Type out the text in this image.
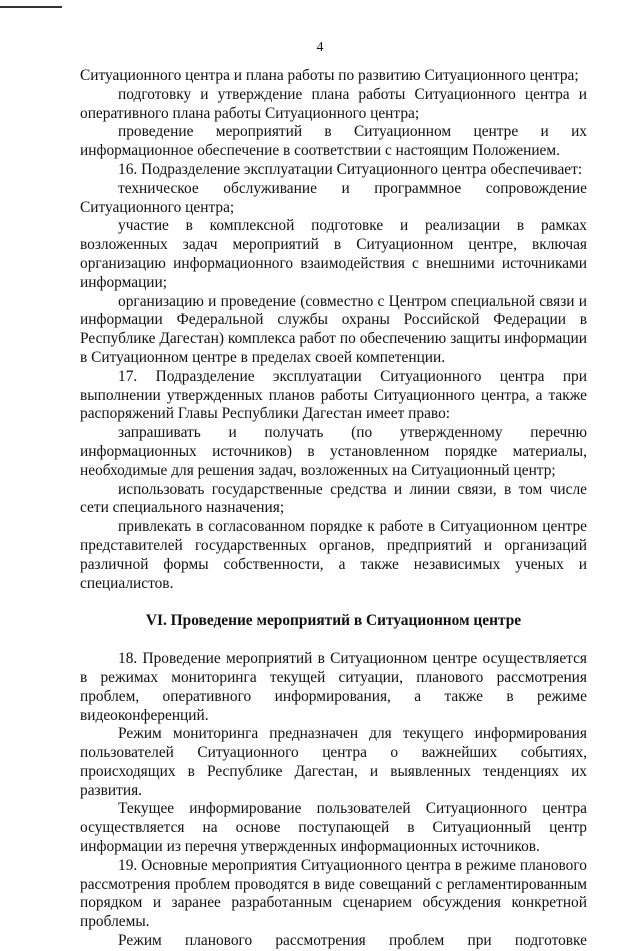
4

Ситуационного центра и плана работы по развитию Ситуационного центра;

подготовку и утверждение плана работы Ситуационного центра и оперативного плана работы Ситуационного центра;

проведение мероприятий в Ситуационном центре и их информационное обеспечение в соответствии с настоящим Положением.

16. Подразделение эксплуатации Ситуационного центра обеспечивает:

техническое обслуживание и программное сопровождение Ситуационного центра;

участие в комплексной подготовке и реализации в рамках возложенных задач мероприятий в Ситуационном центре, включая организацию информационного взаимодействия с внешними источниками информации;

организацию и проведение (совместно с Центром специальной связи и информации Федеральной службы охраны Российской Федерации в Республике Дагестан) комплекса работ по обеспечению защиты информации в Ситуационном центре в пределах своей компетенции.

17. Подразделение эксплуатации Ситуационного центра при выполнении утвержденных планов работы Ситуационного центра, а также распоряжений Главы Республики Дагестан имеет право:

запрашивать и получать (по утвержденному перечню информационных источников) в установленном порядке материалы, необходимые для решения задач, возложенных на Ситуационный центр;

использовать государственные средства и линии связи, в том числе сети специального назначения;

привлекать в согласованном порядке к работе в Ситуационном центре представителей государственных органов, предприятий и организаций различной формы собственности, а также независимых ученых и специалистов.

VI. Проведение мероприятий в Ситуационном центре

18. Проведение мероприятий в Ситуационном центре осуществляется в режимах мониторинга текущей ситуации, планового рассмотрения проблем, оперативного информирования, а также в режиме видеоконференций.

Режим мониторинга предназначен для текущего информирования пользователей Ситуационного центра о важнейших событиях, происходящих в Республике Дагестан, и выявленных тенденциях их развития.

Текущее информирование пользователей Ситуационного центра осуществляется на основе поступающей в Ситуационный центр информации из перечня утвержденных информационных источников.

19. Основные мероприятия Ситуационного центра в режиме планового рассмотрения проблем проводятся в виде совещаний с регламентированным порядком и заранее разработанным сценарием обсуждения конкретной проблемы.

Режим планового рассмотрения проблем при подготовке
